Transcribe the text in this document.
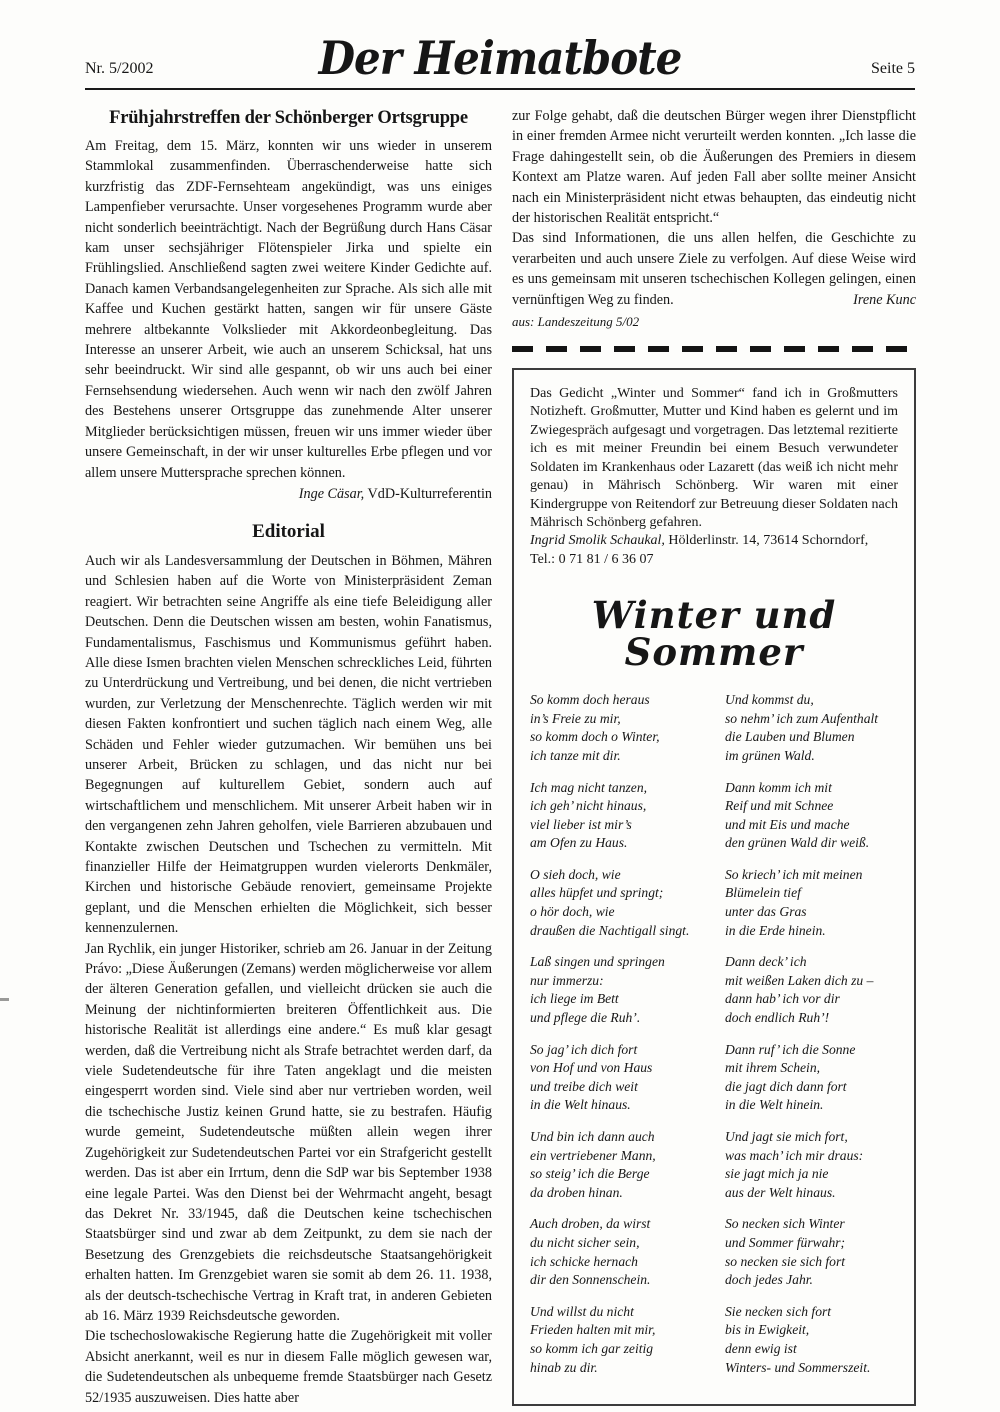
Nr. 5/2002	Der Heimatbote	Seite 5
Frühjahrstreffen der Schönberger Ortsgruppe

Am Freitag, dem 15. März, konnten wir uns wieder in unserem Stammlokal zusammenfinden. Überraschenderweise hatte sich kurzfristig das ZDF-Fernsehteam angekündigt, was uns einiges Lampenfieber verursachte. Unser vorgesehenes Programm wurde aber nicht sonderlich beeinträchtigt. Nach der Begrüßung durch Hans Cäsar kam unser sechsjähriger Flötenspieler Jirka und spielte ein Frühlingslied. Anschließend sagten zwei weitere Kinder Gedichte auf. Danach kamen Verbandsangelegenheiten zur Sprache. Als sich alle mit Kaffee und Kuchen gestärkt hatten, sangen wir für unsere Gäste mehrere altbekannte Volkslieder mit Akkordeonbegleitung. Das Interesse an unserer Arbeit, wie auch an unserem Schicksal, hat uns sehr beeindruckt. Wir sind alle gespannt, ob wir uns auch bei einer Fernsehsendung wiedersehen. Auch wenn wir nach den zwölf Jahren des Bestehens unserer Ortsgruppe das zunehmende Alter unserer Mitglieder berücksichtigen müssen, freuen wir uns immer wieder über unsere Gemeinschaft, in der wir unser kulturelles Erbe pflegen und vor allem unsere Muttersprache sprechen können.

Inge Cäsar, VdD-Kulturreferentin

Editorial

Auch wir als Landesversammlung der Deutschen in Böhmen, Mähren und Schlesien haben auf die Worte von Ministerpräsident Zeman reagiert. Wir betrachten seine Angriffe als eine tiefe Beleidigung aller Deutschen. Denn die Deutschen wissen am besten, wohin Fanatismus, Fundamentalismus, Faschismus und Kommunismus geführt haben. Alle diese Ismen brachten vielen Menschen schreckliches Leid, führten zu Unterdrückung und Vertreibung, und bei denen, die nicht vertrieben wurden, zur Verletzung der Menschenrechte. Täglich werden wir mit diesen Fakten konfrontiert und suchen täglich nach einem Weg, alle Schäden und Fehler wieder gutzumachen. Wir bemühen uns bei unserer Arbeit, Brücken zu schlagen, und das nicht nur bei Begegnungen auf kulturellem Gebiet, sondern auch auf wirtschaftlichem und menschlichem. Mit unserer Arbeit haben wir in den vergangenen zehn Jahren geholfen, viele Barrieren abzubauen und Kontakte zwischen Deutschen und Tschechen zu vermitteln. Mit finanzieller Hilfe der Heimatgruppen wurden vielerorts Denkmäler, Kirchen und historische Gebäude renoviert, gemeinsame Projekte geplant, und die Menschen erhielten die Möglichkeit, sich besser kennenzulernen.

Jan Rychlik, ein junger Historiker, schrieb am 26. Januar in der Zeitung Právo: „Diese Äußerungen (Zemans) werden möglicherweise vor allem der älteren Generation gefallen, und vielleicht drücken sie auch die Meinung der nichtinformierten breiteren Öffentlichkeit aus. Die historische Realität ist allerdings eine andere.“ Es muß klar gesagt werden, daß die Vertreibung nicht als Strafe betrachtet werden darf, da viele Sudetendeutsche für ihre Taten angeklagt und die meisten eingesperrt worden sind. Viele sind aber nur vertrieben worden, weil die tschechische Justiz keinen Grund hatte, sie zu bestrafen. Häufig wurde gemeint, Sudetendeutsche müßten allein wegen ihrer Zugehörigkeit zur Sudetendeutschen Partei vor ein Strafgericht gestellt werden. Das ist aber ein Irrtum, denn die SdP war bis September 1938 eine legale Partei. Was den Dienst bei der Wehrmacht angeht, besagt das Dekret Nr. 33/1945, daß die Deutschen keine tschechischen Staatsbürger sind und zwar ab dem Zeitpunkt, zu dem sie nach der Besetzung des Grenzgebiets die reichsdeutsche Staatsangehörigkeit erhalten hatten. Im Grenzgebiet waren sie somit ab dem 26. 11. 1938, als der deutsch-tschechische Vertrag in Kraft trat, in anderen Gebieten ab 16. März 1939 Reichsdeutsche geworden.

Die tschechoslowakische Regierung hatte die Zugehörigkeit mit voller Absicht anerkannt, weil es nur in diesem Falle möglich gewesen war, die Sudetendeutschen als unbequeme fremde Staatsbürger nach Gesetz 52/1935 auszuweisen. Dies hatte aber

zur Folge gehabt, daß die deutschen Bürger wegen ihrer Dienstpflicht in einer fremden Armee nicht verurteilt werden konnten. „Ich lasse die Frage dahingestellt sein, ob die Äußerungen des Premiers in diesem Kontext am Platze waren. Auf jeden Fall aber sollte meiner Ansicht nach ein Ministerpräsident nicht etwas behaupten, das eindeutig nicht der historischen Realität entspricht.“

Das sind Informationen, die uns allen helfen, die Geschichte zu verarbeiten und auch unsere Ziele zu verfolgen. Auf diese Weise wird es uns gemeinsam mit unseren tschechischen Kollegen gelingen, einen vernünftigen Weg zu finden.	Irene Kunc

aus: Landeszeitung 5/02

Das Gedicht „Winter und Sommer“ fand ich in Großmutters Notizheft. Großmutter, Mutter und Kind haben es gelernt und im Zwiegespräch aufgesagt und vorgetragen. Das letztemal rezitierte ich es mit meiner Freundin bei einem Besuch verwundeter Soldaten im Krankenhaus oder Lazarett (das weiß ich nicht mehr genau) in Mährisch Schönberg. Wir waren mit einer Kindergruppe von Reitendorf zur Betreuung dieser Soldaten nach Mährisch Schönberg gefahren.

Ingrid Smolik Schaukal, Hölderlinstr. 14, 73614 Schorndorf,

Tel.: 0 71 81 / 6 36 07

Winter und Sommer
So komm doch heraus
in’s Freie zu mir,
so komm doch o Winter,
ich tanze mit dir.
Ich mag nicht tanzen,
ich geh’ nicht hinaus,
viel lieber ist mir’s
am Ofen zu Haus.
O sieh doch, wie
alles hüpfet und springt;
o hör doch, wie
draußen die Nachtigall singt.
Laß singen und springen
nur immerzu:
ich liege im Bett
und pflege die Ruh’.
So jag’ ich dich fort
von Hof und von Haus
und treibe dich weit
in die Welt hinaus.
Und bin ich dann auch
ein vertriebener Mann,
so steig’ ich die Berge
da droben hinan.
Auch droben, da wirst
du nicht sicher sein,
ich schicke hernach
dir den Sonnenschein.
Und willst du nicht
Frieden halten mit mir,
so komm ich gar zeitig
hinab zu dir.
Und kommst du,
so nehm’ ich zum Aufenthalt
die Lauben und Blumen
im grünen Wald.
Dann komm ich mit
Reif und mit Schnee
und mit Eis und mache
den grünen Wald dir weiß.
So kriech’ ich mit meinen
Blümelein tief
unter das Gras
in die Erde hinein.
Dann deck’ ich
mit weißen Laken dich zu –
dann hab’ ich vor dir
doch endlich Ruh’!
Dann ruf’ ich die Sonne
mit ihrem Schein,
die jagt dich dann fort
in die Welt hinein.
Und jagt sie mich fort,
was mach’ ich mir draus:
sie jagt mich ja nie
aus der Welt hinaus.
So necken sich Winter
und Sommer fürwahr;
so necken sie sich fort
doch jedes Jahr.
Sie necken sich fort
bis in Ewigkeit,
denn ewig ist
Winters- und Sommerszeit.
